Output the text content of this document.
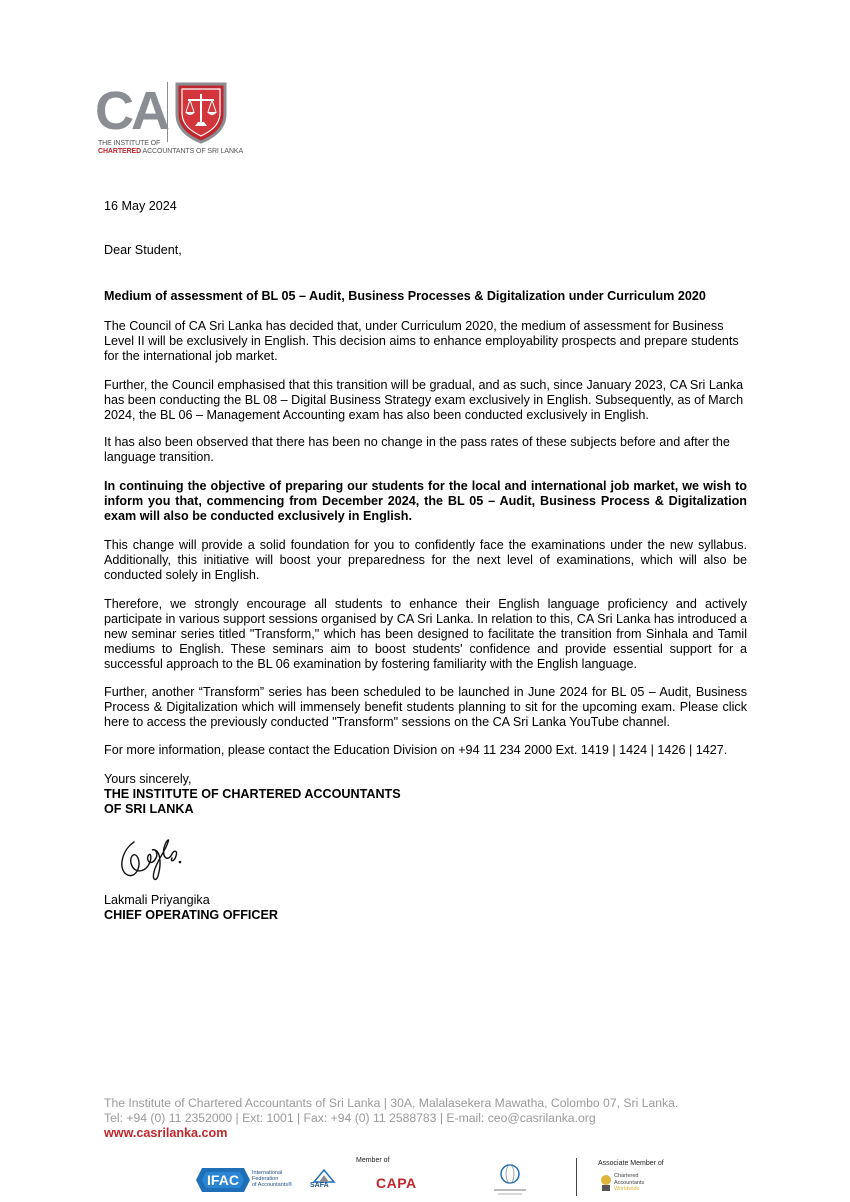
CA
THE INSTITUTE OF
CHARTERED ACCOUNTANTS OF SRI LANKA
16 May 2024
Dear Student,
Medium of assessment of BL 05 – Audit, Business Processes & Digitalization under Curriculum 2020
The Council of CA Sri Lanka has decided that, under Curriculum 2020, the medium of assessment for Business Level II will be exclusively in English. This decision aims to enhance employability prospects and prepare students for the international job market.
Further, the Council emphasised that this transition will be gradual, and as such, since January 2023, CA Sri Lanka has been conducting the BL 08 – Digital Business Strategy exam exclusively in English. Subsequently, as of March 2024, the BL 06 – Management Accounting exam has also been conducted exclusively in English.
It has also been observed that there has been no change in the pass rates of these subjects before and after the language transition.
In continuing the objective of preparing our students for the local and international job market, we wish to inform you that, commencing from December 2024, the BL 05 – Audit, Business Process & Digitalization exam will also be conducted exclusively in English.
This change will provide a solid foundation for you to confidently face the examinations under the new syllabus. Additionally, this initiative will boost your preparedness for the next level of examinations, which will also be conducted solely in English.
Therefore, we strongly encourage all students to enhance their English language proficiency and actively participate in various support sessions organised by CA Sri Lanka. In relation to this, CA Sri Lanka has introduced a new seminar series titled "Transform," which has been designed to facilitate the transition from Sinhala and Tamil mediums to English. These seminars aim to boost students' confidence and provide essential support for a successful approach to the BL 06 examination by fostering familiarity with the English language.
Further, another “Transform” series has been scheduled to be launched in June 2024 for BL 05 – Audit, Business Process & Digitalization which will immensely benefit students planning to sit for the upcoming exam. Please click here to access the previously conducted "Transform" sessions on the CA Sri Lanka YouTube channel.
For more information, please contact the Education Division on +94 11 234 2000 Ext. 1419 | 1424 | 1426 | 1427.
Yours sincerely,
THE INSTITUTE OF CHARTERED ACCOUNTANTS
OF SRI LANKA
Lakmali Priyangika
CHIEF OPERATING OFFICER
The Institute of Chartered Accountants of Sri Lanka | 30A, Malalasekera Mawatha, Colombo 07, Sri Lanka.
Tel: +94 (0) 11 2352000 | Ext: 1001 | Fax: +94 (0) 11 2588783 | E-mail: ceo@casrilanka.org
www.casrilanka.com
Member of	Associate Member of
IFAC	International
Federation
of Accountants®	SAFA	CAPA	Chartered
Accountants
Worldwide
